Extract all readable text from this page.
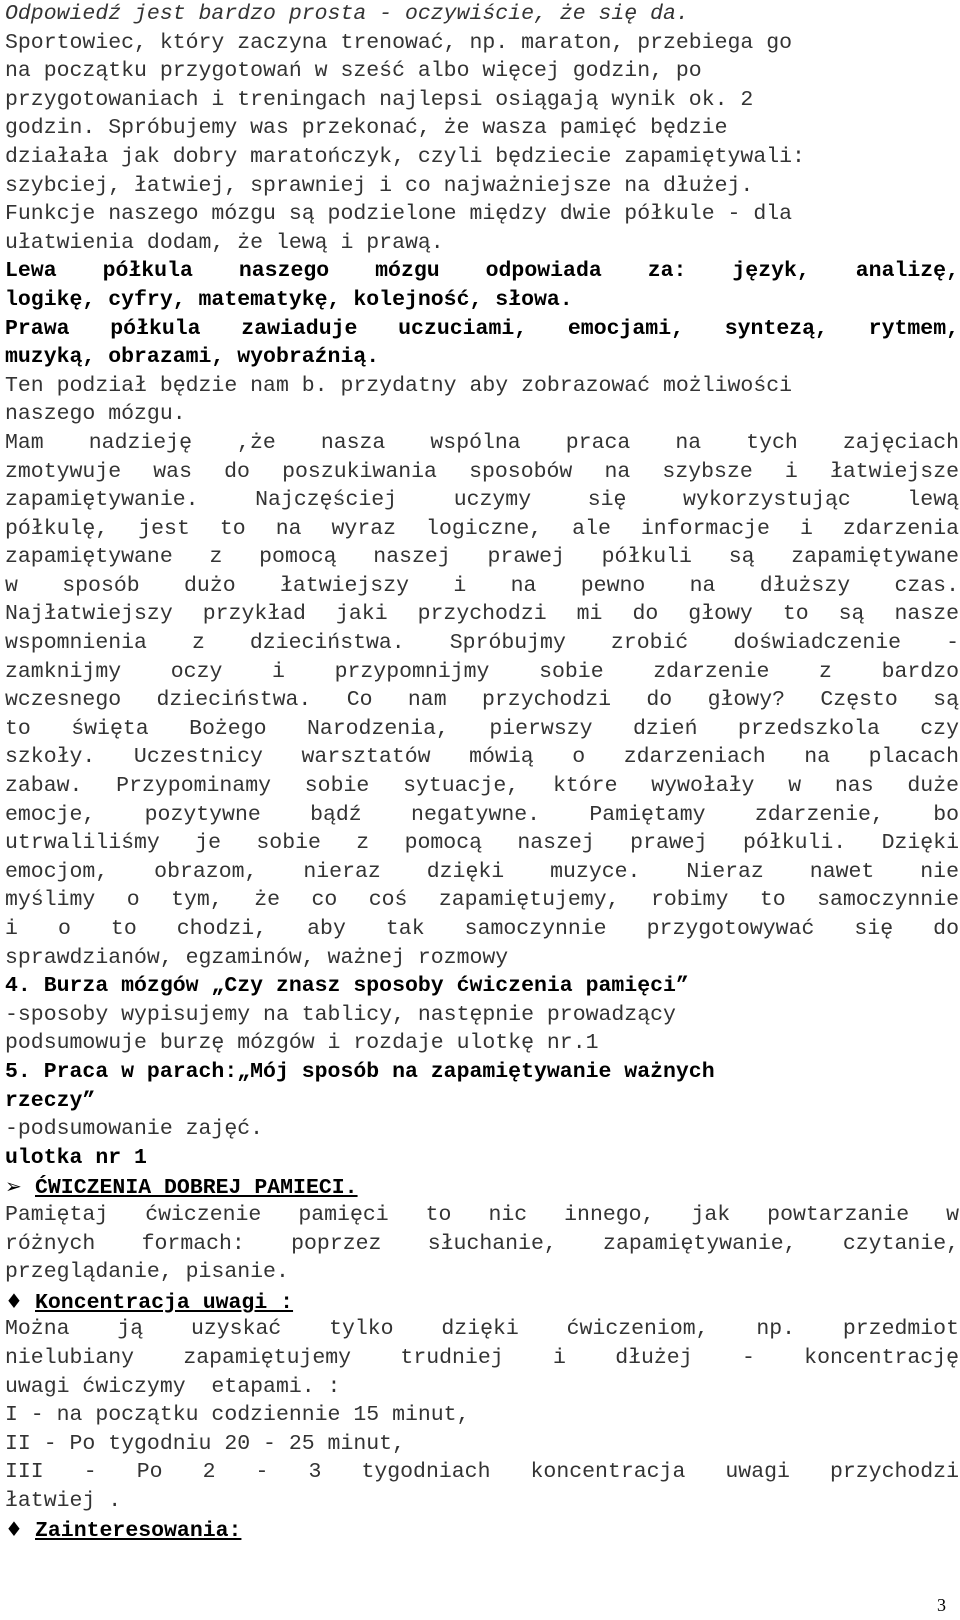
Odpowiedź jest bardzo prosta - oczywiście, że się da.
Sportowiec, który zaczyna trenować, np. maraton, przebiega go
na początku przygotowań w sześć albo więcej godzin, po
przygotowaniach i treningach najlepsi osiągają wynik ok. 2
godzin. Spróbujemy was przekonać, że wasza pamięć będzie
działała jak dobry maratończyk, czyli będziecie zapamiętywali:
szybciej, łatwiej, sprawniej i co najważniejsze na dłużej.
Funkcje naszego mózgu są podzielone między dwie półkule - dla
ułatwienia dodam, że lewą i prawą.
Lewa półkula naszego mózgu odpowiada za: język, analizę,
logikę, cyfry, matematykę, kolejność, słowa.
Prawa półkula zawiaduje uczuciami, emocjami, syntezą, rytmem,
muzyką, obrazami, wyobraźnią.
Ten podział będzie nam b. przydatny aby zobrazować możliwości
naszego mózgu.
Mam nadzieję ,że nasza wspólna praca na tych zajęciach
zmotywuje was do poszukiwania sposobów na szybsze i łatwiejsze
zapamiętywanie. Najczęściej uczymy się wykorzystując lewą
półkulę, jest to na wyraz logiczne, ale informacje i zdarzenia
zapamiętywane z pomocą naszej prawej półkuli są zapamiętywane
w sposób dużo łatwiejszy i na pewno na dłuższy czas.
Najłatwiejszy przykład jaki przychodzi mi do głowy to są nasze
wspomnienia z dzieciństwa. Spróbujmy zrobić doświadczenie -
zamknijmy oczy i przypomnijmy sobie zdarzenie z bardzo
wczesnego dzieciństwa. Co nam przychodzi do głowy? Często są
to święta Bożego Narodzenia, pierwszy dzień przedszkola czy
szkoły. Uczestnicy warsztatów mówią o zdarzeniach na placach
zabaw. Przypominamy sobie sytuacje, które wywołały w nas duże
emocje, pozytywne bądź negatywne. Pamiętamy zdarzenie, bo
utrwaliliśmy je sobie z pomocą naszej prawej półkuli. Dzięki
emocjom, obrazom, nieraz dzięki muzyce. Nieraz nawet nie
myślimy o tym, że co coś zapamiętujemy, robimy to samoczynnie
i o to chodzi, aby tak samoczynnie przygotowywać się do
sprawdzianów, egzaminów, ważnej rozmowy
4. Burza mózgów „Czy znasz sposoby ćwiczenia pamięci”
-sposoby wypisujemy na tablicy, następnie prowadzący
podsumowuje burzę mózgów i rozdaje ulotkę nr.1
5. Praca w parach:„Mój sposób na zapamiętywanie ważnych
rzeczy”
-podsumowanie zajęć.
ulotka nr 1
➢ ĆWICZENIA DOBREJ PAMIECI.
Pamiętaj ćwiczenie pamięci to nic innego, jak powtarzanie w
różnych formach: poprzez słuchanie, zapamiętywanie, czytanie,
przeglądanie, pisanie.
♦ Koncentracja uwagi :
Można ją uzyskać tylko dzięki ćwiczeniom, np. przedmiot
nielubiany zapamiętujemy trudniej i dłużej - koncentrację
uwagi ćwiczymy  etapami. :
I - na początku codziennie 15 minut,
II - Po tygodniu 20 - 25 minut,
III - Po 2 - 3 tygodniach koncentracja uwagi przychodzi
łatwiej .
♦ Zainteresowania:
3
